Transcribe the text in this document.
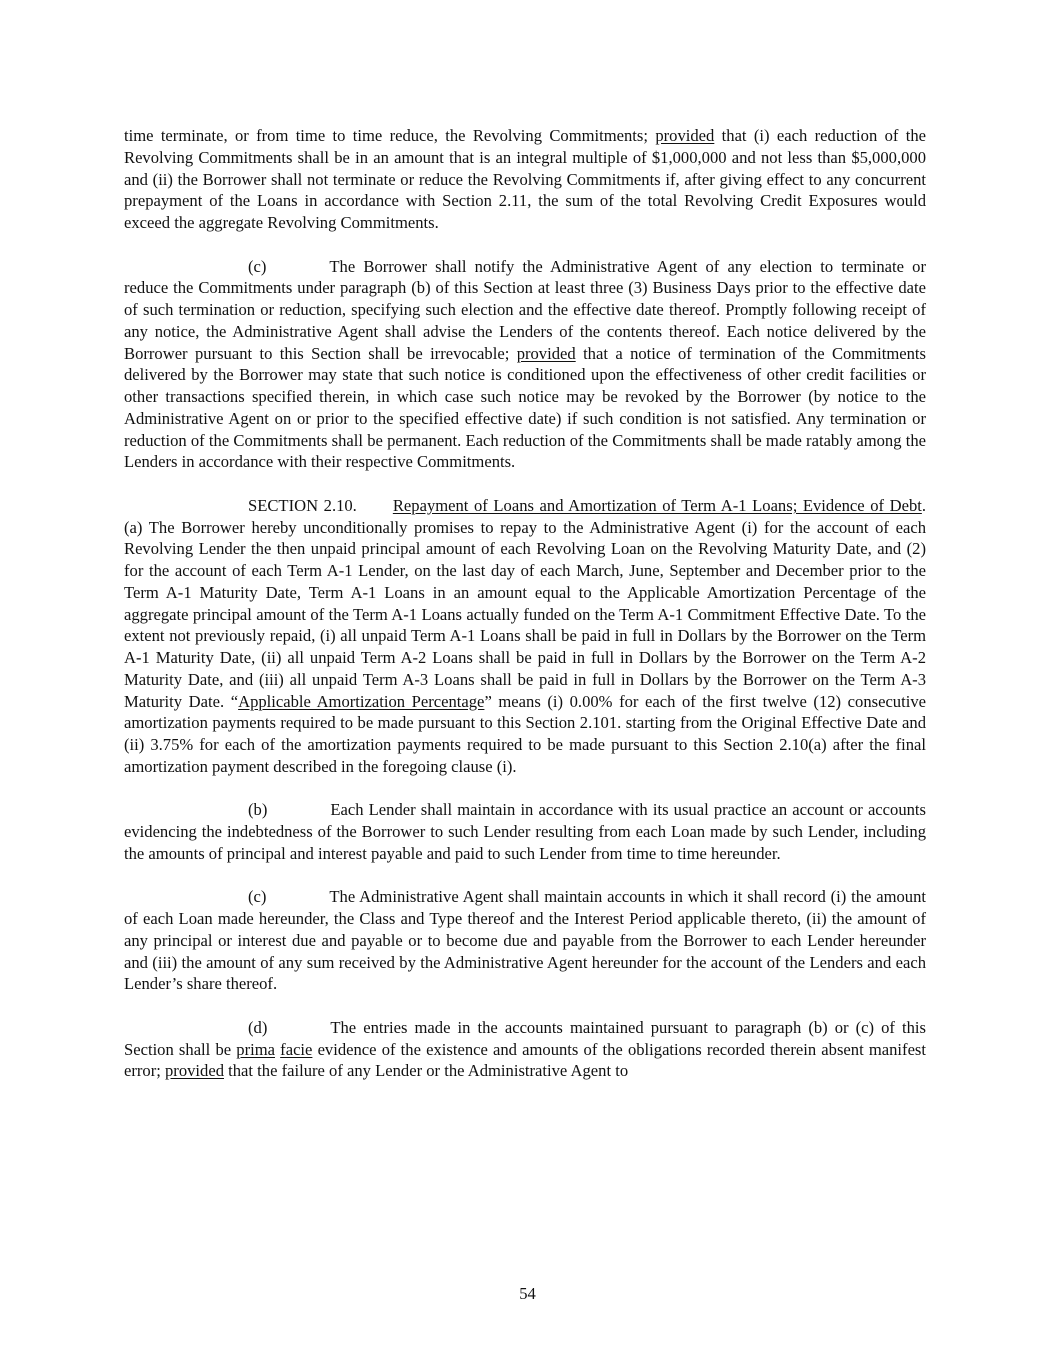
time terminate, or from time to time reduce, the Revolving Commitments; provided that (i) each reduction of the Revolving Commitments shall be in an amount that is an integral multiple of $1,000,000 and not less than $5,000,000 and (ii) the Borrower shall not terminate or reduce the Revolving Commitments if, after giving effect to any concurrent prepayment of the Loans in accordance with Section 2.11, the sum of the total Revolving Credit Exposures would exceed the aggregate Revolving Commitments.

(c)	The Borrower shall notify the Administrative Agent of any election to terminate or reduce the Commitments under paragraph (b) of this Section at least three (3) Business Days prior to the effective date of such termination or reduction, specifying such election and the effective date thereof. Promptly following receipt of any notice, the Administrative Agent shall advise the Lenders of the contents thereof. Each notice delivered by the Borrower pursuant to this Section shall be irrevocable; provided that a notice of termination of the Commitments delivered by the Borrower may state that such notice is conditioned upon the effectiveness of other credit facilities or other transactions specified therein, in which case such notice may be revoked by the Borrower (by notice to the Administrative Agent on or prior to the specified effective date) if such condition is not satisfied. Any termination or reduction of the Commitments shall be permanent. Each reduction of the Commitments shall be made ratably among the Lenders in accordance with their respective Commitments.

SECTION 2.10. Repayment of Loans and Amortization of Term A-1 Loans; Evidence of Debt. (a) The Borrower hereby unconditionally promises to repay to the Administrative Agent (i) for the account of each Revolving Lender the then unpaid principal amount of each Revolving Loan on the Revolving Maturity Date, and (2) for the account of each Term A-1 Lender, on the last day of each March, June, September and December prior to the Term A-1 Maturity Date, Term A-1 Loans in an amount equal to the Applicable Amortization Percentage of the aggregate principal amount of the Term A-1 Loans actually funded on the Term A-1 Commitment Effective Date. To the extent not previously repaid, (i) all unpaid Term A-1 Loans shall be paid in full in Dollars by the Borrower on the Term A-1 Maturity Date, (ii) all unpaid Term A-2 Loans shall be paid in full in Dollars by the Borrower on the Term A-2 Maturity Date, and (iii) all unpaid Term A-3 Loans shall be paid in full in Dollars by the Borrower on the Term A-3 Maturity Date. “Applicable Amortization Percentage” means (i) 0.00% for each of the first twelve (12) consecutive amortization payments required to be made pursuant to this Section 2.101. starting from the Original Effective Date and (ii) 3.75% for each of the amortization payments required to be made pursuant to this Section 2.10(a) after the final amortization payment described in the foregoing clause (i).

(b)	Each Lender shall maintain in accordance with its usual practice an account or accounts evidencing the indebtedness of the Borrower to such Lender resulting from each Loan made by such Lender, including the amounts of principal and interest payable and paid to such Lender from time to time hereunder.

(c)	The Administrative Agent shall maintain accounts in which it shall record (i) the amount of each Loan made hereunder, the Class and Type thereof and the Interest Period applicable thereto, (ii) the amount of any principal or interest due and payable or to become due and payable from the Borrower to each Lender hereunder and (iii) the amount of any sum received by the Administrative Agent hereunder for the account of the Lenders and each Lender’s share thereof.

(d)	The entries made in the accounts maintained pursuant to paragraph (b) or (c) of this Section shall be prima facie evidence of the existence and amounts of the obligations recorded therein absent manifest error; provided that the failure of any Lender or the Administrative Agent to

54
